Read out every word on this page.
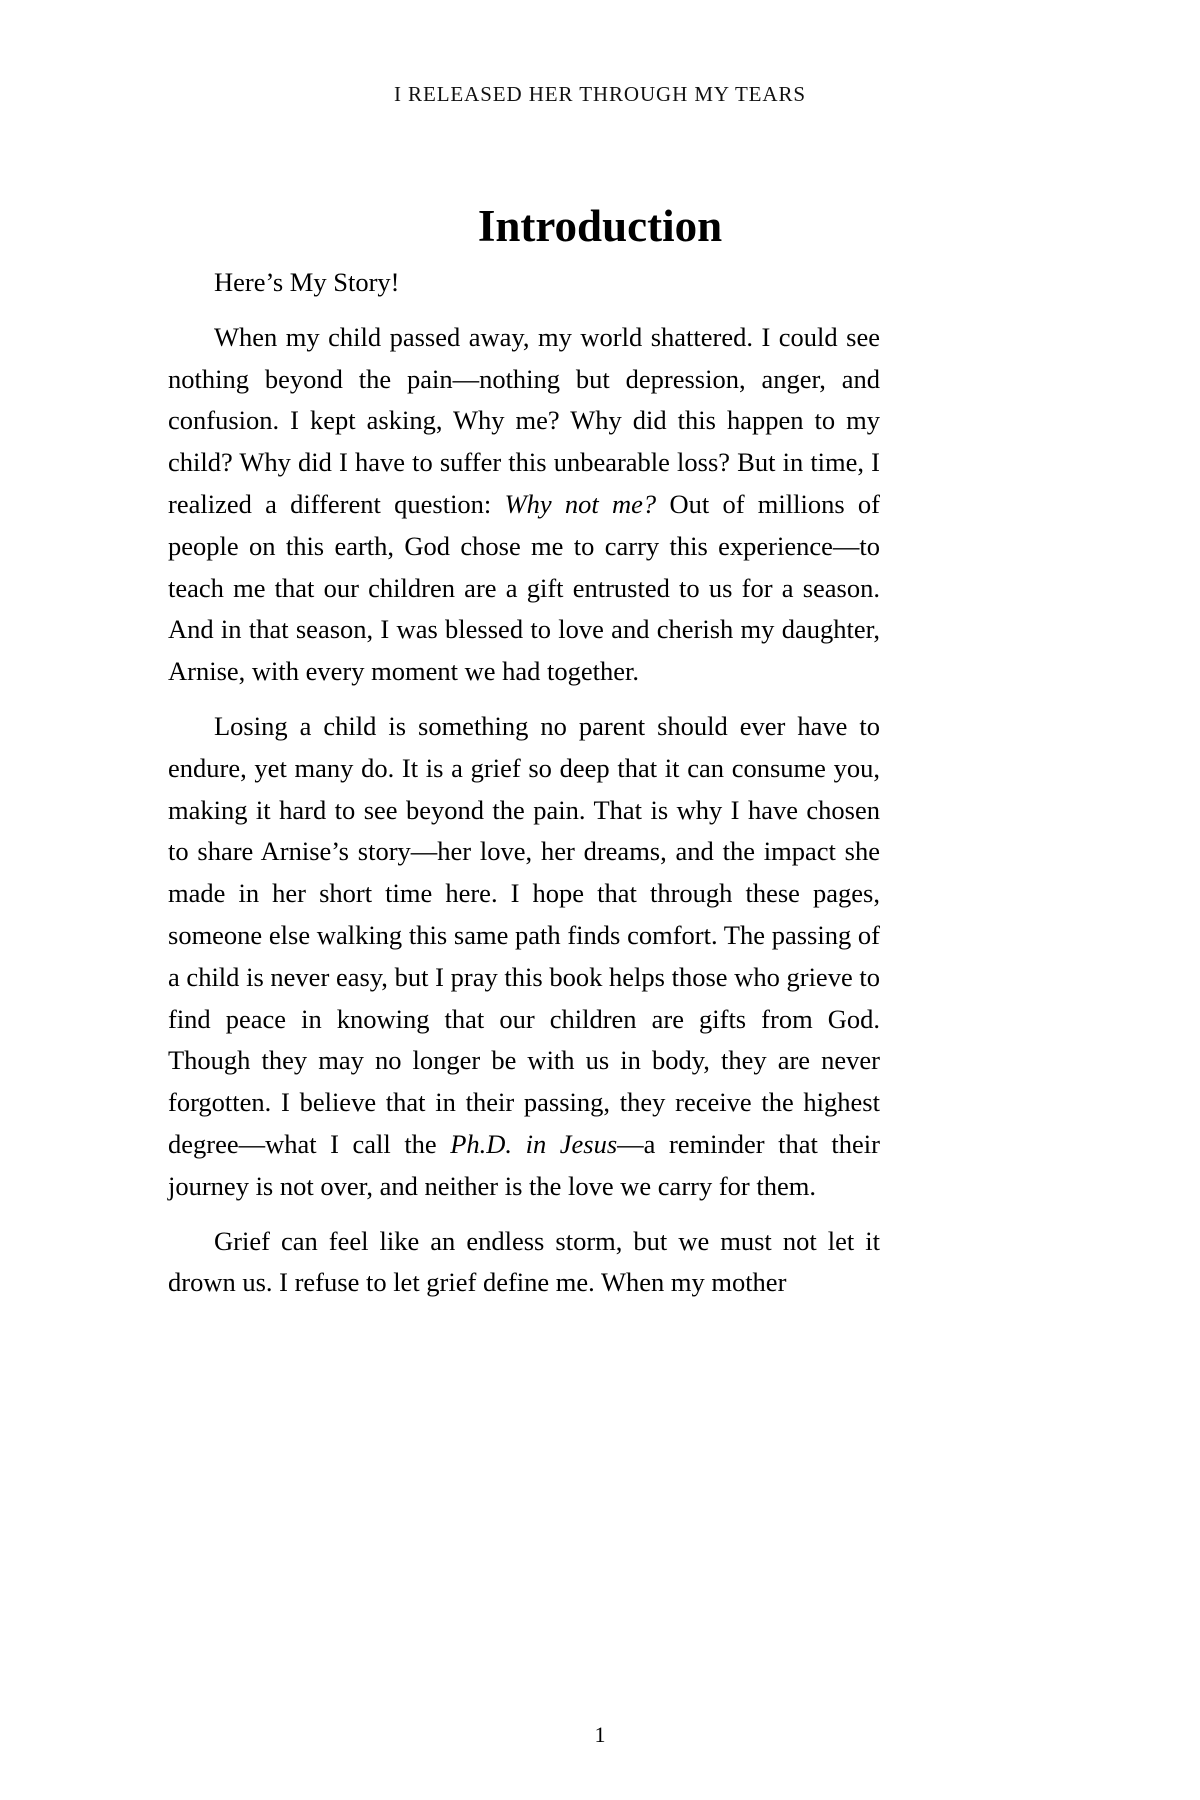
I RELEASED HER THROUGH MY TEARS
Introduction

Here’s My Story!

When my child passed away, my world shattered. I could see nothing beyond the pain—nothing but depression, anger, and confusion. I kept asking, Why me? Why did this happen to my child? Why did I have to suffer this unbearable loss? But in time, I realized a different question: Why not me? Out of millions of people on this earth, God chose me to carry this experience—to teach me that our children are a gift entrusted to us for a season. And in that season, I was blessed to love and cherish my daughter, Arnise, with every moment we had together.

Losing a child is something no parent should ever have to endure, yet many do. It is a grief so deep that it can consume you, making it hard to see beyond the pain. That is why I have chosen to share Arnise’s story—her love, her dreams, and the impact she made in her short time here. I hope that through these pages, someone else walking this same path finds comfort. The passing of a child is never easy, but I pray this book helps those who grieve to find peace in knowing that our children are gifts from God. Though they may no longer be with us in body, they are never forgotten. I believe that in their passing, they receive the highest degree—what I call the Ph.D. in Jesus—a reminder that their journey is not over, and neither is the love we carry for them.

Grief can feel like an endless storm, but we must not let it drown us. I refuse to let grief define me. When my mother

1
